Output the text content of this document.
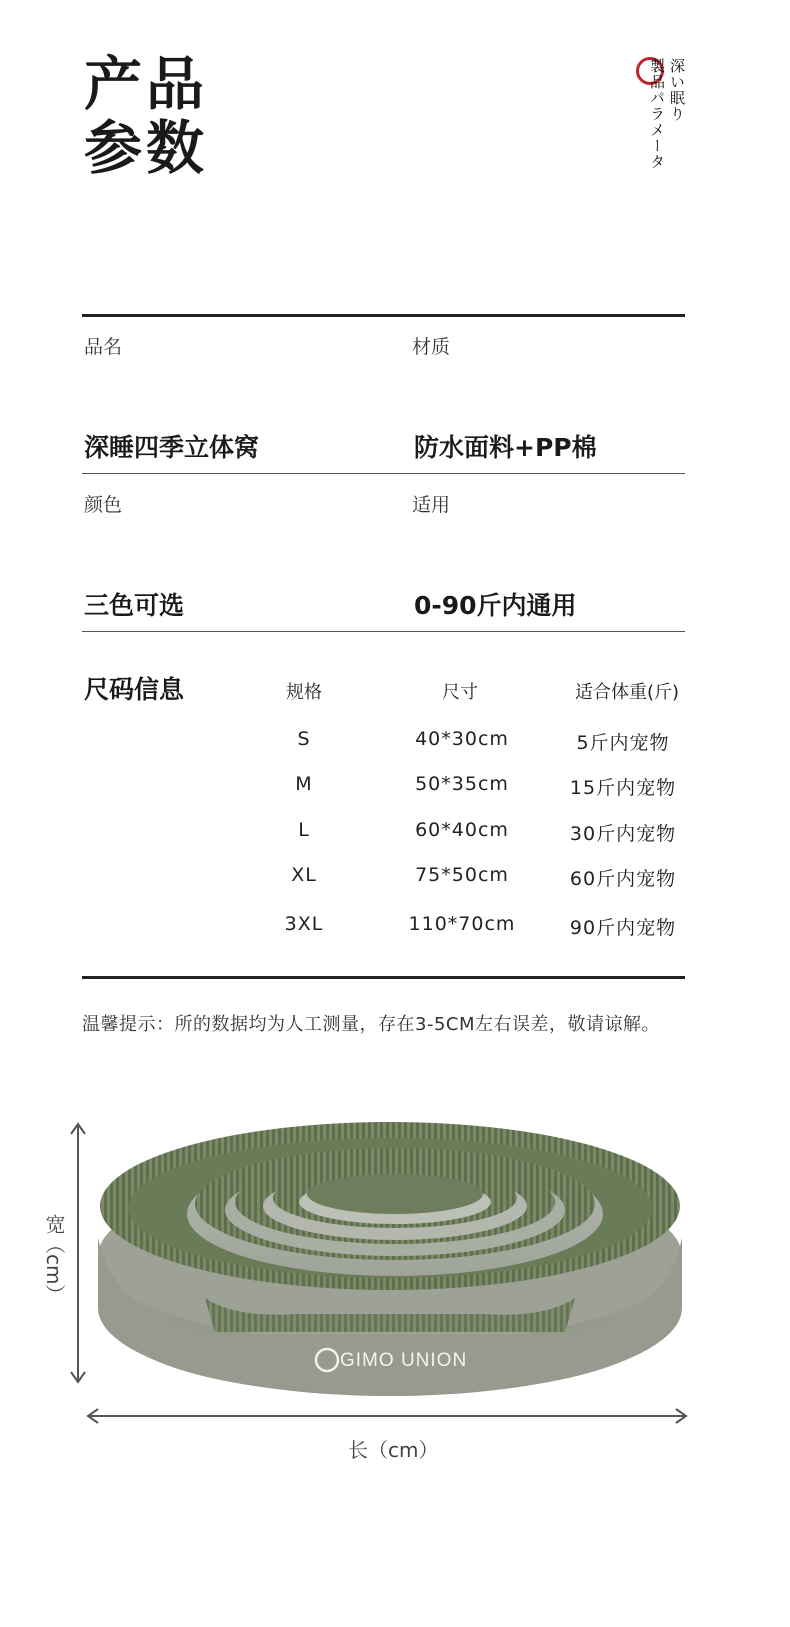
产品
参数
深い眠り
製品パラメータ
品名	材质
深睡四季立体窝	防水面料+PP棉
颜色	适用
三色可选	0-90斤内通用
尺码信息	规格	尺寸	适合体重(斤)
S	40*30cm	5斤内宠物
M	50*35cm	15斤内宠物
L	60*40cm	30斤内宠物
XL	75*50cm	60斤内宠物
3XL	110*70cm	90斤内宠物
温馨提示：所的数据均为人工测量，存在3-5CM左右误差，敬请谅解。
宽（cm）
长（cm）
GIMO UNION
